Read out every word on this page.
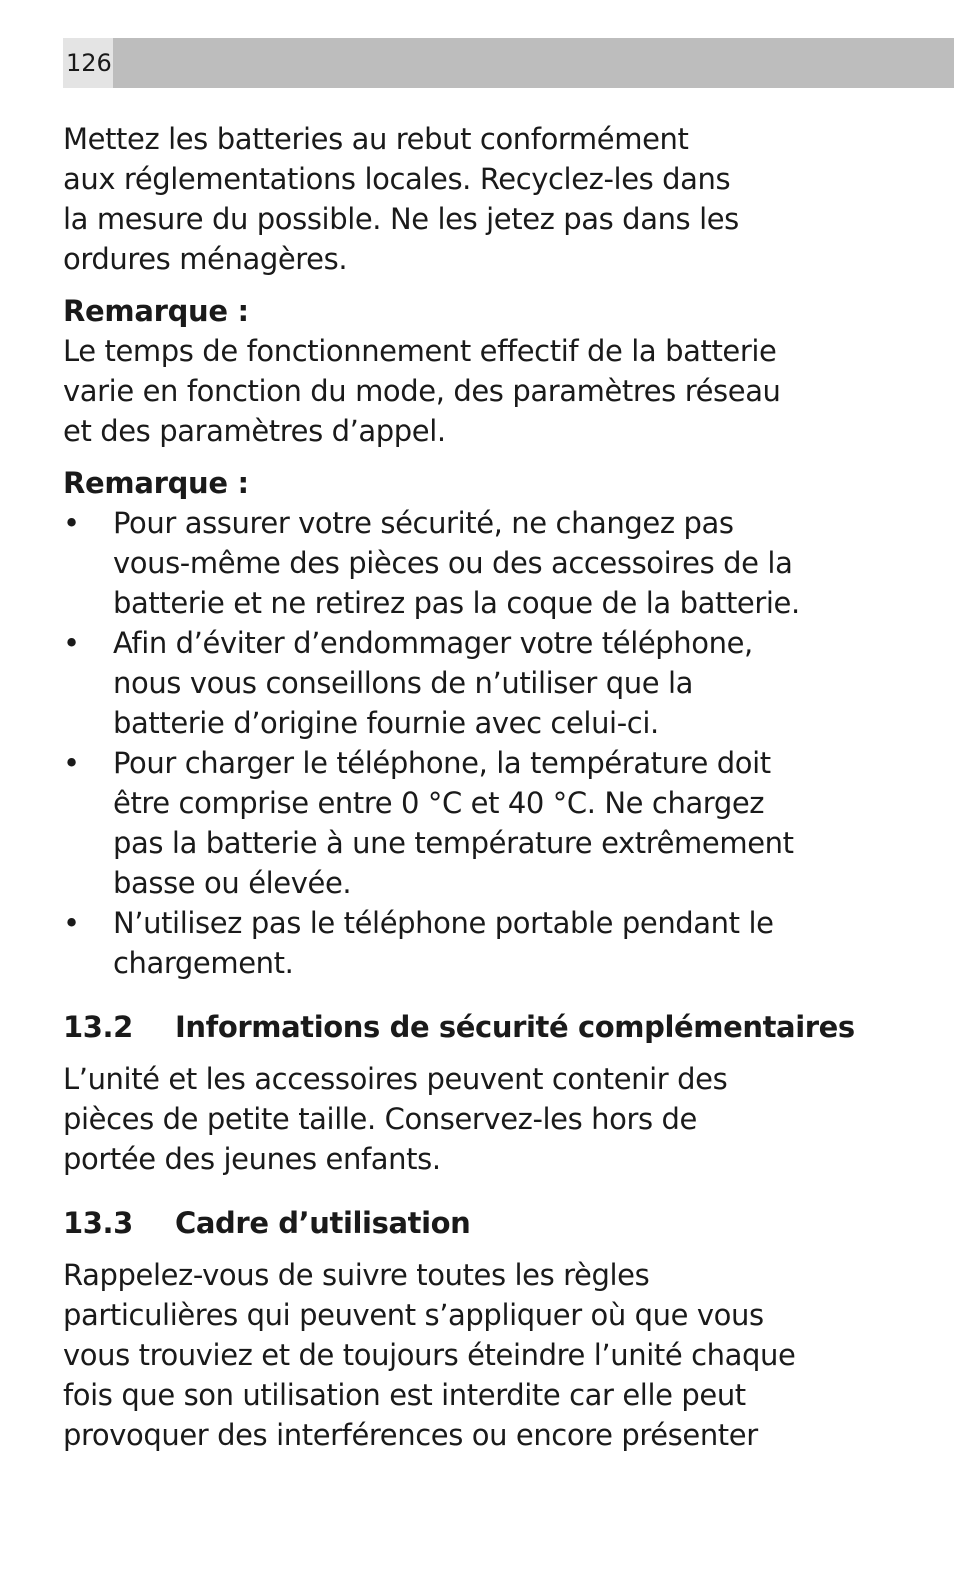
126

Mettez les batteries au rebut conformément
aux réglementations locales. Recyclez-les dans
la mesure du possible. Ne les jetez pas dans les
ordures ménagères.

Remarque :

Le temps de fonctionnement effectif de la batterie
varie en fonction du mode, des paramètres réseau
et des paramètres d’appel.

Remarque :
• Pour assurer votre sécurité, ne changez pas
vous-même des pièces ou des accessoires de la
batterie et ne retirez pas la coque de la batterie.
• Afin d’éviter d’endommager votre téléphone,
nous vous conseillons de n’utiliser que la
batterie d’origine fournie avec celui-ci.
• Pour charger le téléphone, la température doit
être comprise entre 0 °C et 40 °C. Ne chargez
pas la batterie à une température extrêmement
basse ou élevée.
• N’utilisez pas le téléphone portable pendant le
chargement.
13.2	Informations de sécurité complémentaires

L’unité et les accessoires peuvent contenir des
pièces de petite taille. Conservez-les hors de
portée des jeunes enfants.

13.3	Cadre d’utilisation

Rappelez-vous de suivre toutes les règles
particulières qui peuvent s’appliquer où que vous
vous trouviez et de toujours éteindre l’unité chaque
fois que son utilisation est interdite car elle peut
provoquer des interférences ou encore présenter
